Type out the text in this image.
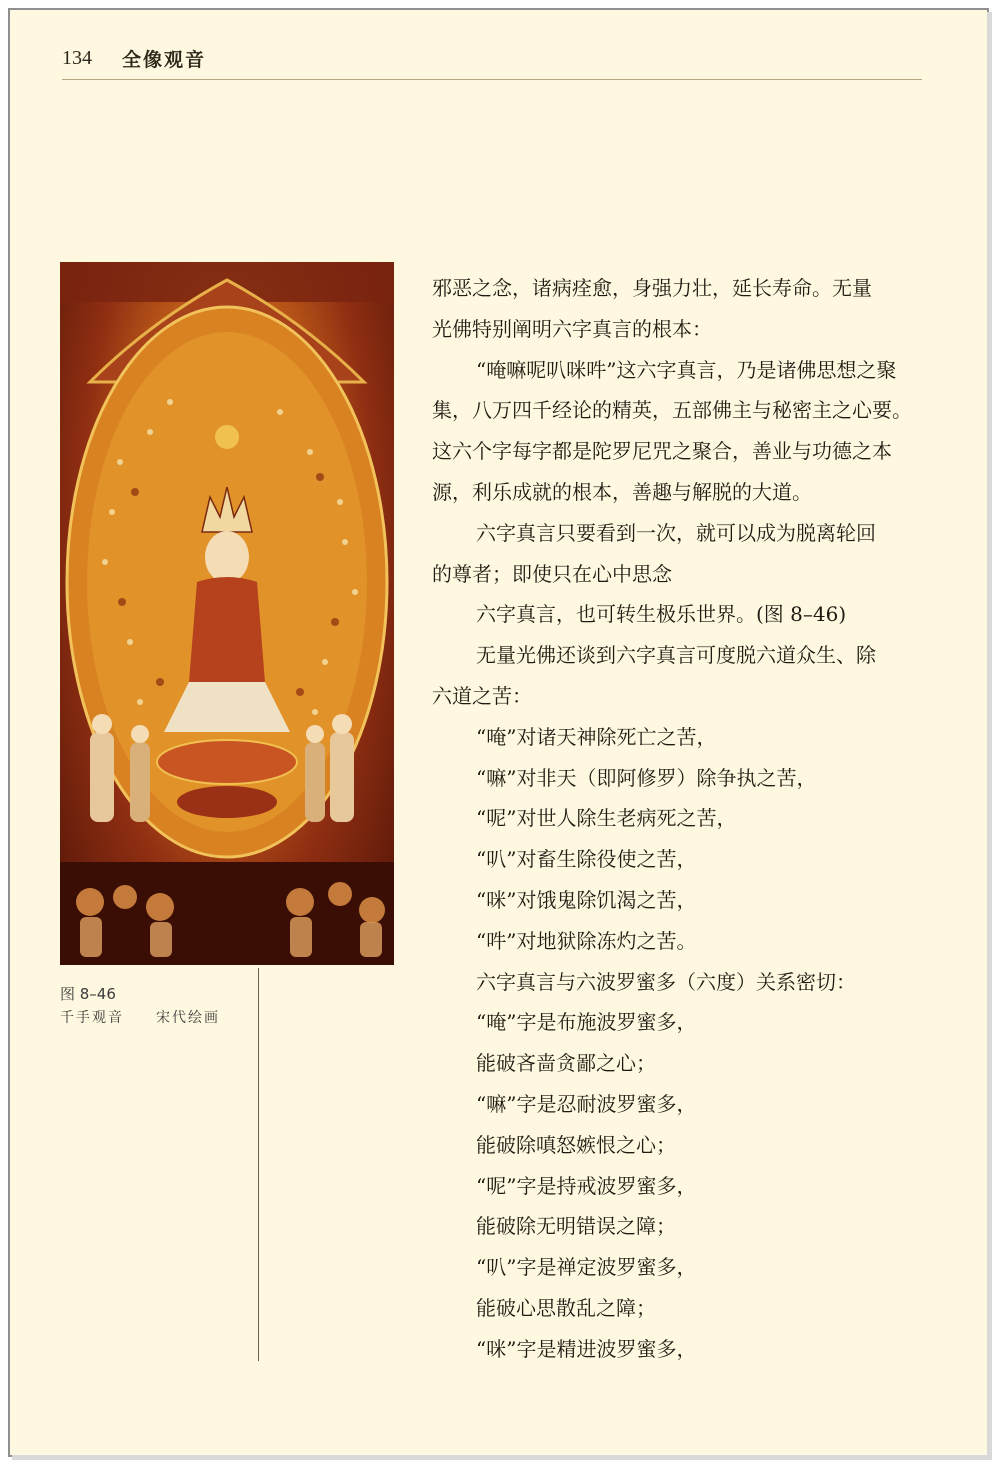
134 全像观音
图 8–46
千手观音　　宋代绘画

邪恶之念，诸病痊愈，身强力壮，延长寿命。无量

光佛特别阐明六字真言的根本：

“唵嘛呢叭咪吽”这六字真言，乃是诸佛思想之聚

集，八万四千经论的精英，五部佛主与秘密主之心要。

这六个字每字都是陀罗尼咒之聚合，善业与功德之本

源，利乐成就的根本，善趣与解脱的大道。

六字真言只要看到一次，就可以成为脱离轮回

的尊者；即使只在心中思念

六字真言，也可转生极乐世界。(图 8–46)

无量光佛还谈到六字真言可度脱六道众生、除

六道之苦：

“唵”对诸天神除死亡之苦，

“嘛”对非天（即阿修罗）除争执之苦，

“呢”对世人除生老病死之苦，

“叭”对畜生除役使之苦，

“咪”对饿鬼除饥渴之苦，

“吽”对地狱除冻灼之苦。

六字真言与六波罗蜜多（六度）关系密切：

“唵”字是布施波罗蜜多，

能破吝啬贪鄙之心；

“嘛”字是忍耐波罗蜜多，

能破除嗔怒嫉恨之心；

“呢”字是持戒波罗蜜多，

能破除无明错误之障；

“叭”字是禅定波罗蜜多，

能破心思散乱之障；

“咪”字是精进波罗蜜多，
